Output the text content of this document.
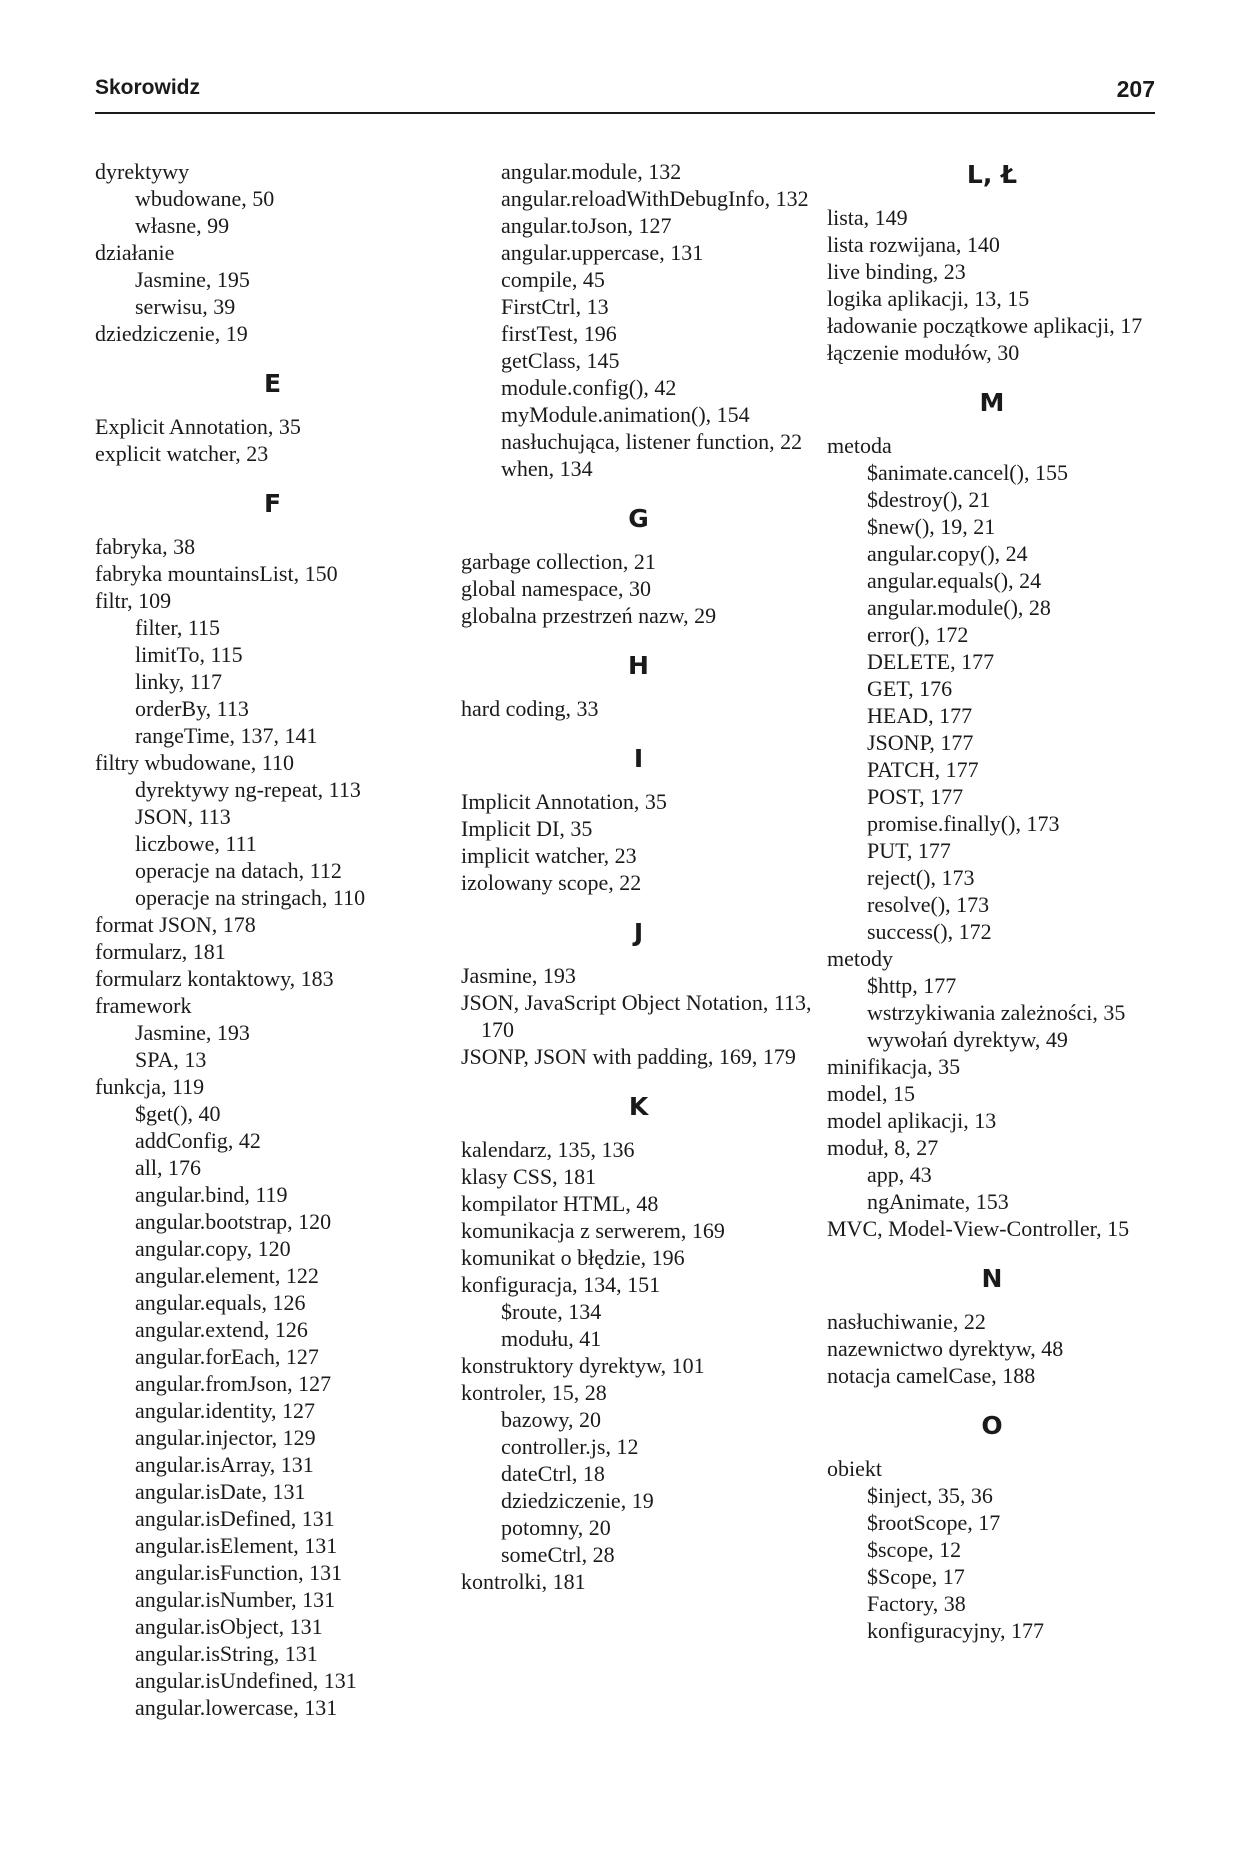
Skorowidz	207
dyrektywy
wbudowane, 50
własne, 99
działanie
Jasmine, 195
serwisu, 39
dziedziczenie, 19
E
Explicit Annotation, 35
explicit watcher, 23
F
fabryka, 38
fabryka mountainsList, 150
filtr, 109
filter, 115
limitTo, 115
linky, 117
orderBy, 113
rangeTime, 137, 141
filtry wbudowane, 110
dyrektywy ng-repeat, 113
JSON, 113
liczbowe, 111
operacje na datach, 112
operacje na stringach, 110
format JSON, 178
formularz, 181
formularz kontaktowy, 183
framework
Jasmine, 193
SPA, 13
funkcja, 119
$get(), 40
addConfig, 42
all, 176
angular.bind, 119
angular.bootstrap, 120
angular.copy, 120
angular.element, 122
angular.equals, 126
angular.extend, 126
angular.forEach, 127
angular.fromJson, 127
angular.identity, 127
angular.injector, 129
angular.isArray, 131
angular.isDate, 131
angular.isDefined, 131
angular.isElement, 131
angular.isFunction, 131
angular.isNumber, 131
angular.isObject, 131
angular.isString, 131
angular.isUndefined, 131
angular.lowercase, 131
angular.module, 132
angular.reloadWithDebugInfo, 132
angular.toJson, 127
angular.uppercase, 131
compile, 45
FirstCtrl, 13
firstTest, 196
getClass, 145
module.config(), 42
myModule.animation(), 154
nasłuchująca, listener function, 22
when, 134
G
garbage collection, 21
global namespace, 30
globalna przestrzeń nazw, 29
H
hard coding, 33
I
Implicit Annotation, 35
Implicit DI, 35
implicit watcher, 23
izolowany scope, 22
J
Jasmine, 193
JSON, JavaScript Object Notation, 113, 170
JSONP, JSON with padding, 169, 179
K
kalendarz, 135, 136
klasy CSS, 181
kompilator HTML, 48
komunikacja z serwerem, 169
komunikat o błędzie, 196
konfiguracja, 134, 151
$route, 134
modułu, 41
konstruktory dyrektyw, 101
kontroler, 15, 28
bazowy, 20
controller.js, 12
dateCtrl, 18
dziedziczenie, 19
potomny, 20
someCtrl, 28
kontrolki, 181
L, Ł
lista, 149
lista rozwijana, 140
live binding, 23
logika aplikacji, 13, 15
ładowanie początkowe aplikacji, 17
łączenie modułów, 30
M
metoda
$animate.cancel(), 155
$destroy(), 21
$new(), 19, 21
angular.copy(), 24
angular.equals(), 24
angular.module(), 28
error(), 172
DELETE, 177
GET, 176
HEAD, 177
JSONP, 177
PATCH, 177
POST, 177
promise.finally(), 173
PUT, 177
reject(), 173
resolve(), 173
success(), 172
metody
$http, 177
wstrzykiwania zależności, 35
wywołań dyrektyw, 49
minifikacja, 35
model, 15
model aplikacji, 13
moduł, 8, 27
app, 43
ngAnimate, 153
MVC, Model-View-Controller, 15
N
nasłuchiwanie, 22
nazewnictwo dyrektyw, 48
notacja camelCase, 188
O
obiekt
$inject, 35, 36
$rootScope, 17
$scope, 12
$Scope, 17
Factory, 38
konfiguracyjny, 177
